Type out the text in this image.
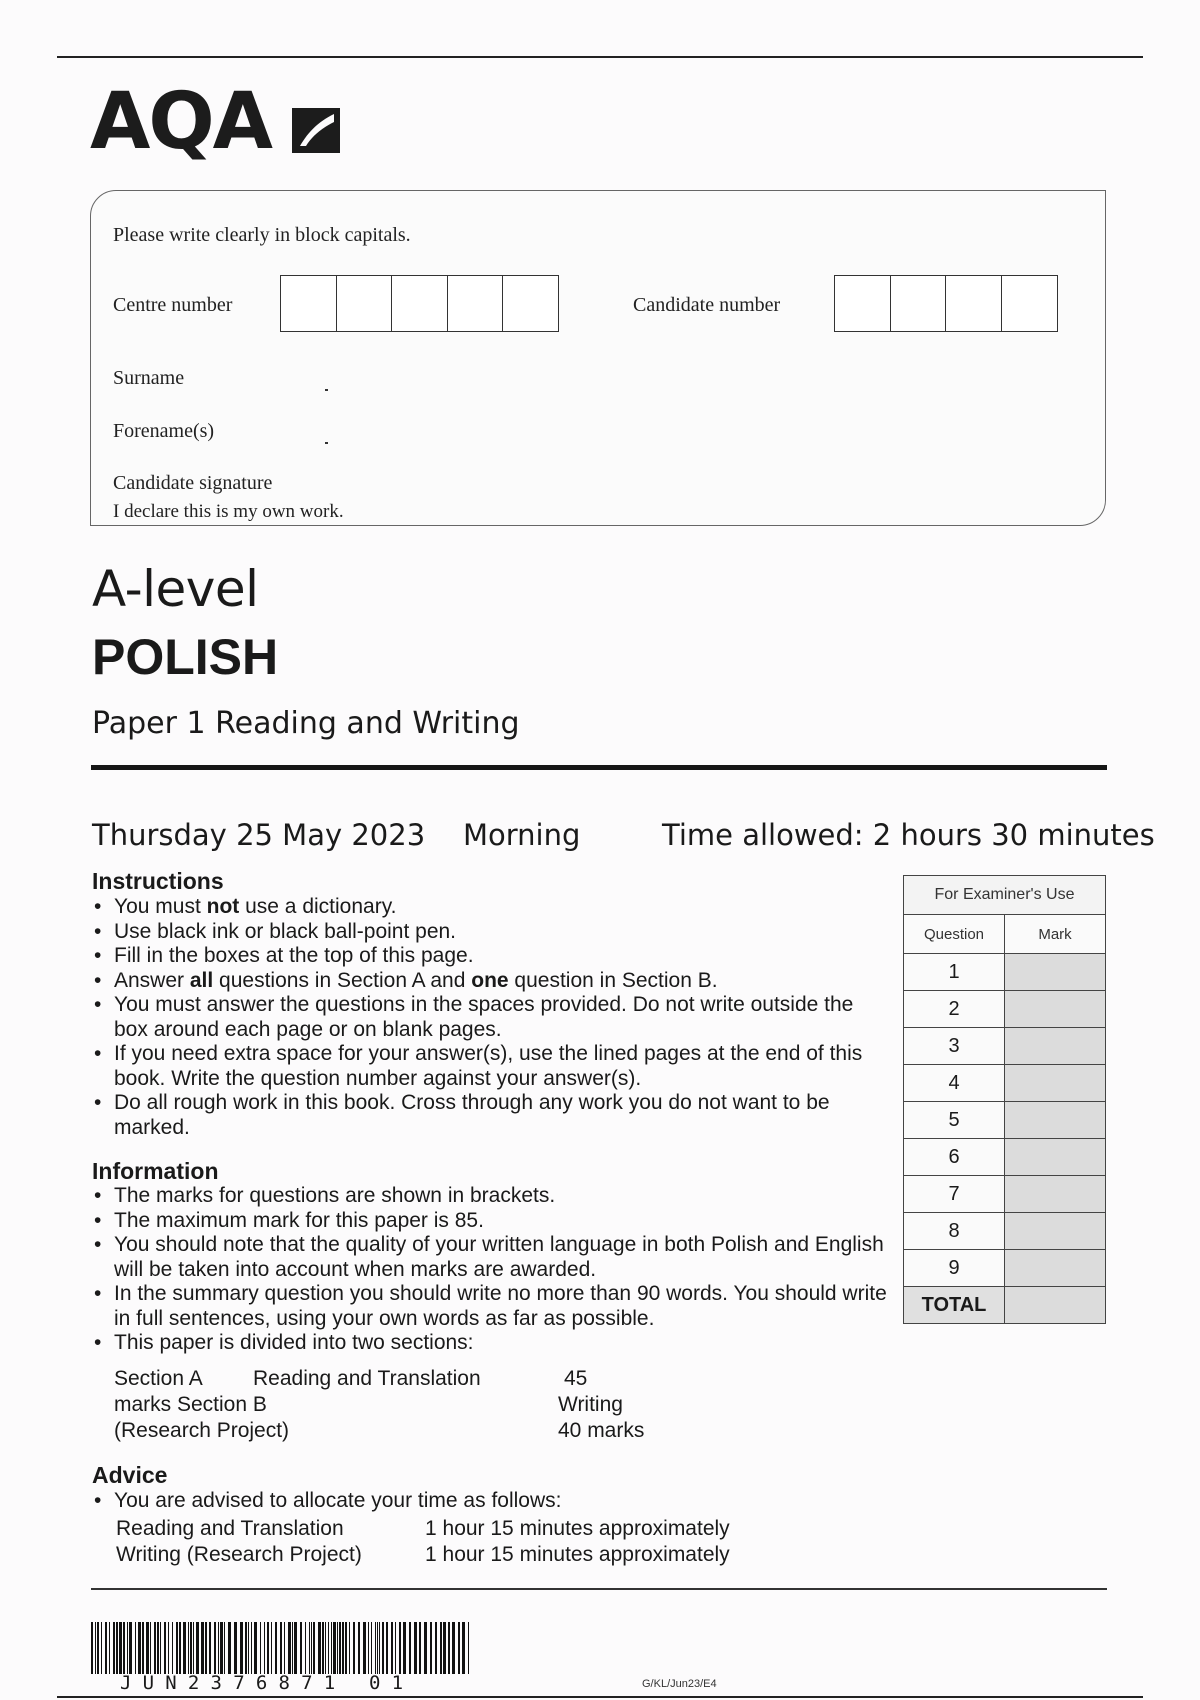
AQA
Please write clearly in block capitals.
Centre number	Candidate number
Surname
Forename(s)
Candidate signature
I declare this is my own work.
A-level
POLISH
Paper 1 Reading and Writing
Thursday 25 May 2023 Morning	Time allowed: 2 hours 30 minutes
Instructions
• You must not use a dictionary.
• Use black ink or black ball-point pen.
• Fill in the boxes at the top of this page.
• Answer all questions in Section A and one question in Section B.
• You must answer the questions in the spaces provided. Do not write outside the box around each page or on blank pages.
• If you need extra space for your answer(s), use the lined pages at the end of this book. Write the question number against your answer(s).
• Do all rough work in this book. Cross through any work you do not want to be marked.
Information
• The marks for questions are shown in brackets.
• The maximum mark for this paper is 85.
• You should note that the quality of your written language in both Polish and English will be taken into account when marks are awarded.
• In the summary question you should write no more than 90 words. You should write in full sentences, using your own words as far as possible.
• This paper is divided into two sections:
Section A Reading and Translation	45
marks Section B	Writing
(Research Project)	40 marks
Advice
• You are advised to allocate your time as follows:
Reading and Translation	1 hour 15 minutes approximately
Writing (Research Project)	1 hour 15 minutes approximately
For Examiner's Use	
Question	Mark
1	
2	
3	
4	
5	
6	
7	
8	
9	
TOTAL	
JUN2376871 01	G/KL/Jun23/E4
